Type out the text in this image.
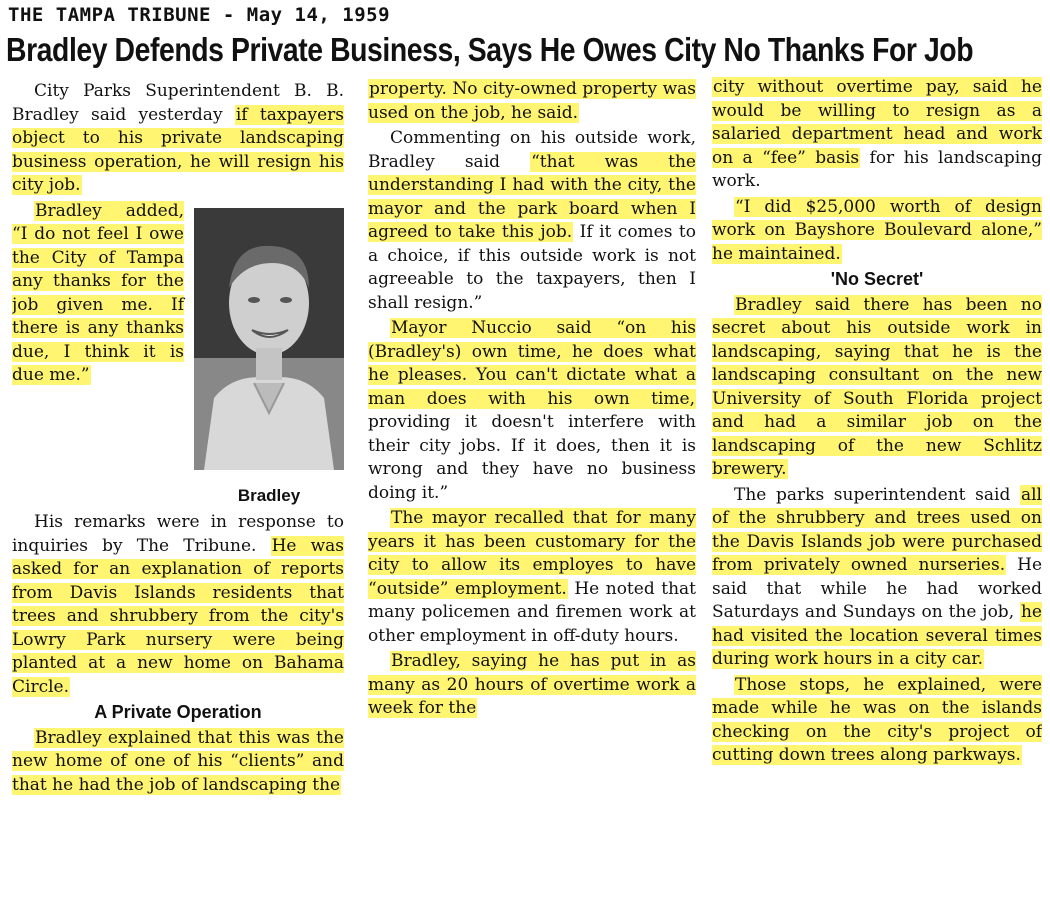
THE TAMPA TRIBUNE - May 14, 1959
Bradley Defends Private Business, Says He Owes City No Thanks For Job

City Parks Superintendent B. B. Bradley said yesterday if taxpayers object to his private landscaping business operation, he will resign his city job.

Bradley

Bradley added, “I do not feel I owe the City of Tampa any thanks for the job given me. If there is any thanks due, I think it is due me.”

His remarks were in response to inquiries by The Tribune. He was asked for an explanation of reports from Davis Islands residents that trees and shrubbery from the city's Lowry Park nursery were being planted at a new home on Bahama Circle.

A Private Operation

Bradley explained that this was the new home of one of his “clients” and that he had the job of landscaping the

property. No city-owned property was used on the job, he said.

Commenting on his outside work, Bradley said “that was the understanding I had with the city, the mayor and the park board when I agreed to take this job. If it comes to a choice, if this outside work is not agreeable to the taxpayers, then I shall resign.”

Mayor Nuccio said “on his (Bradley's) own time, he does what he pleases. You can't dictate what a man does with his own time, providing it doesn't interfere with their city jobs. If it does, then it is wrong and they have no business doing it.”

The mayor recalled that for many years it has been customary for the city to allow its employes to have “outside” employment. He noted that many policemen and firemen work at other employment in off-duty hours.

Bradley, saying he has put in as many as 20 hours of overtime work a week for the

city without overtime pay, said he would be willing to resign as a salaried department head and work on a “fee” basis for his landscaping work.

“I did $25,000 worth of design work on Bayshore Boulevard alone,” he maintained.

'No Secret'

Bradley said there has been no secret about his outside work in landscaping, saying that he is the landscaping consultant on the new University of South Florida project and had a similar job on the landscaping of the new Schlitz brewery.

The parks superintendent said all of the shrubbery and trees used on the Davis Islands job were purchased from privately owned nurseries. He said that while he had worked Saturdays and Sundays on the job, he had visited the location several times during work hours in a city car.

Those stops, he explained, were made while he was on the islands checking on the city's project of cutting down trees along parkways.
